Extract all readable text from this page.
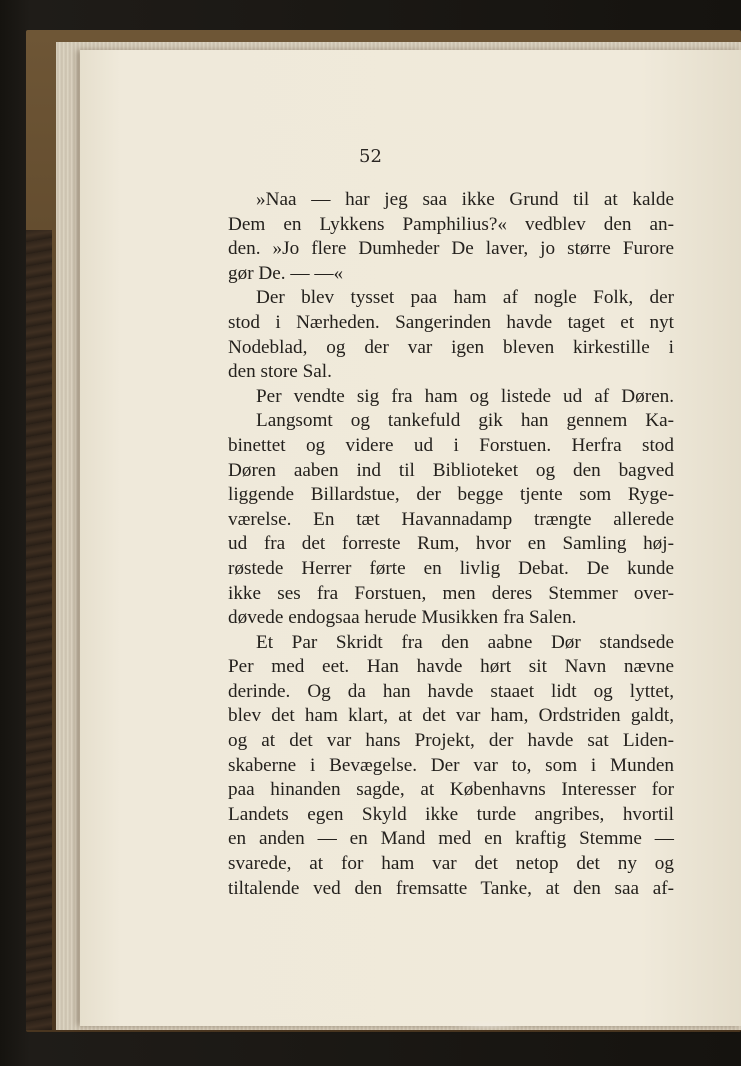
52
»Naa — har jeg saa ikke Grund til at kalde
Dem en Lykkens Pamphilius?« vedblev den an-
den. »Jo flere Dumheder De laver, jo større Furore
gør De. — —«
Der blev tysset paa ham af nogle Folk, der
stod i Nærheden. Sangerinden havde taget et nyt
Nodeblad, og der var igen bleven kirkestille i
den store Sal.
Per vendte sig fra ham og listede ud af Døren.
Langsomt og tankefuld gik han gennem Ka-
binettet og videre ud i Forstuen. Herfra stod
Døren aaben ind til Biblioteket og den bagved
liggende Billardstue, der begge tjente som Ryge-
værelse. En tæt Havannadamp trængte allerede
ud fra det forreste Rum, hvor en Samling høj-
røstede Herrer førte en livlig Debat. De kunde
ikke ses fra Forstuen, men deres Stemmer over-
døvede endogsaa herude Musikken fra Salen.
Et Par Skridt fra den aabne Dør standsede
Per med eet. Han havde hørt sit Navn nævne
derinde. Og da han havde staaet lidt og lyttet,
blev det ham klart, at det var ham, Ordstriden galdt,
og at det var hans Projekt, der havde sat Liden-
skaberne i Bevægelse. Der var to, som i Munden
paa hinanden sagde, at Københavns Interesser for
Landets egen Skyld ikke turde angribes, hvortil
en anden — en Mand med en kraftig Stemme —
svarede, at for ham var det netop det ny og
tiltalende ved den fremsatte Tanke, at den saa af-
